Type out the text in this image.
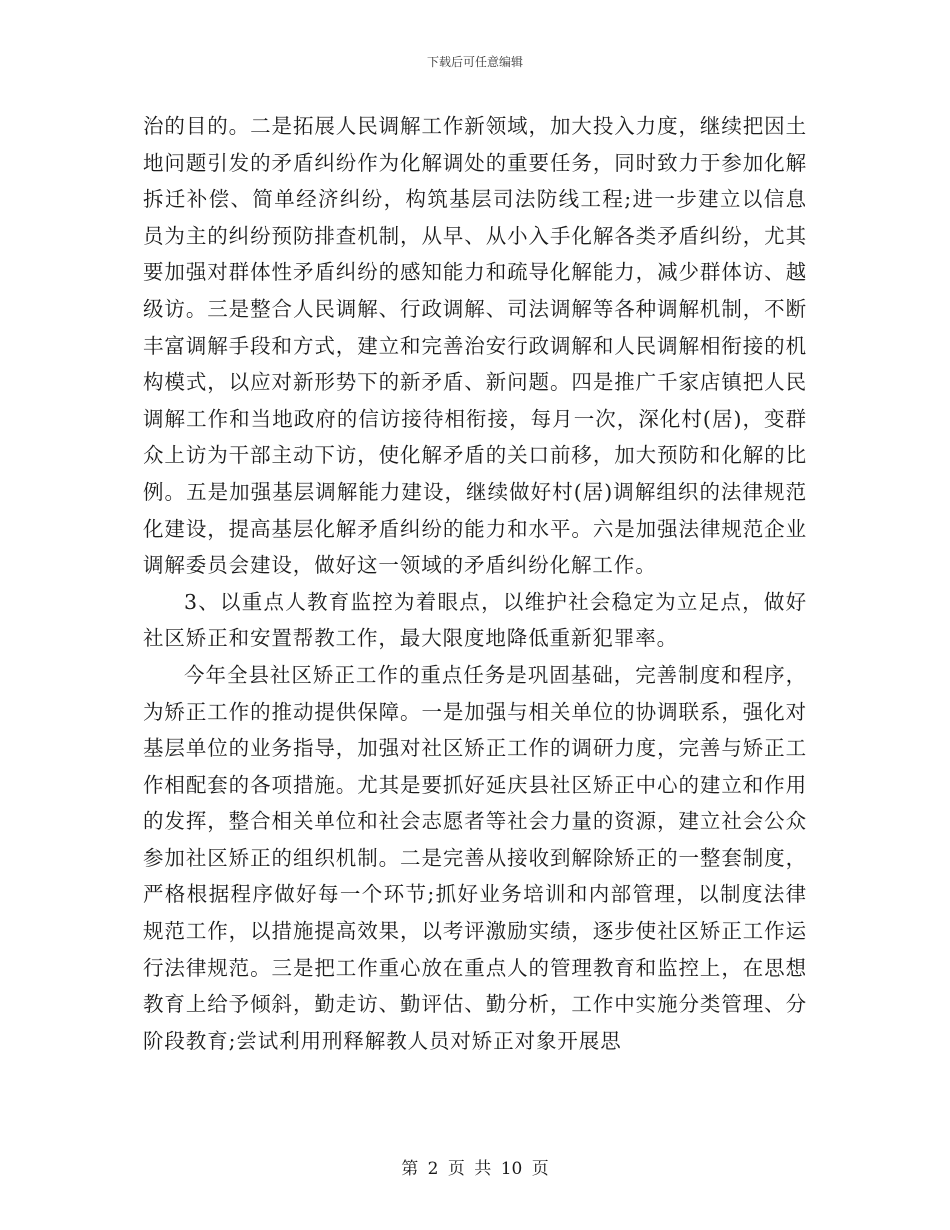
下载后可任意编辑

治的目的。二是拓展人民调解工作新领域，加大投入力度，继续把因土地问题引发的矛盾纠纷作为化解调处的重要任务，同时致力于参加化解拆迁补偿、简单经济纠纷，构筑基层司法防线工程;进一步建立以信息员为主的纠纷预防排查机制，从早、从小入手化解各类矛盾纠纷，尤其要加强对群体性矛盾纠纷的感知能力和疏导化解能力，减少群体访、越级访。三是整合人民调解、行政调解、司法调解等各种调解机制，不断丰富调解手段和方式，建立和完善治安行政调解和人民调解相衔接的机构模式，以应对新形势下的新矛盾、新问题。四是推广千家店镇把人民调解工作和当地政府的信访接待相衔接，每月一次，深化村(居)，变群众上访为干部主动下访，使化解矛盾的关口前移，加大预防和化解的比例。五是加强基层调解能力建设，继续做好村(居)调解组织的法律规范化建设，提高基层化解矛盾纠纷的能力和水平。六是加强法律规范企业调解委员会建设，做好这一领域的矛盾纠纷化解工作。

3、以重点人教育监控为着眼点，以维护社会稳定为立足点，做好社区矫正和安置帮教工作，最大限度地降低重新犯罪率。

今年全县社区矫正工作的重点任务是巩固基础，完善制度和程序，为矫正工作的推动提供保障。一是加强与相关单位的协调联系，强化对基层单位的业务指导，加强对社区矫正工作的调研力度，完善与矫正工作相配套的各项措施。尤其是要抓好延庆县社区矫正中心的建立和作用的发挥，整合相关单位和社会志愿者等社会力量的资源，建立社会公众参加社区矫正的组织机制。二是完善从接收到解除矫正的一整套制度，严格根据程序做好每一个环节;抓好业务培训和内部管理，以制度法律规范工作，以措施提高效果，以考评激励实绩，逐步使社区矫正工作运行法律规范。三是把工作重心放在重点人的管理教育和监控上，在思想教育上给予倾斜，勤走访、勤评估、勤分析，工作中实施分类管理、分阶段教育;尝试利用刑释解教人员对矫正对象开展思

第 2 页 共 10 页
